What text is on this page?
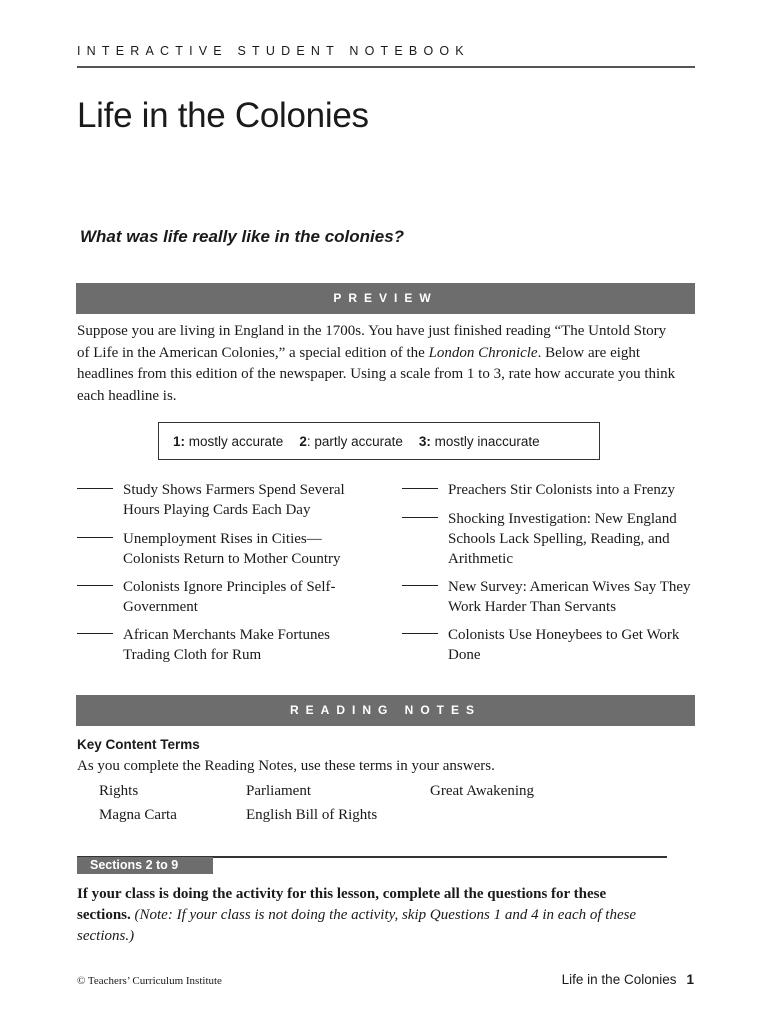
INTERACTIVE STUDENT NOTEBOOK
Life in the Colonies
What was life really like in the colonies?
PREVIEW
Suppose you are living in England in the 1700s. You have just finished reading “The Untold Story of Life in the American Colonies,” a special edition of the London Chronicle. Below are eight headlines from this edition of the newspaper. Using a scale from 1 to 3, rate how accurate you think each headline is.
1: mostly accurate 2: partly accurate 3: mostly inaccurate
Study Shows Farmers Spend Several Hours Playing Cards Each Day
Unemployment Rises in Cities— Colonists Return to Mother Country
Colonists Ignore Principles of Self-Government
African Merchants Make Fortunes Trading Cloth for Rum
Preachers Stir Colonists into a Frenzy
Shocking Investigation: New England Schools Lack Spelling, Reading, and Arithmetic
New Survey: American Wives Say They Work Harder Than Servants
Colonists Use Honeybees to Get Work Done
READING NOTES
Key Content Terms
As you complete the Reading Notes, use these terms in your answers.
Rights	Parliament	Great Awakening
Magna Carta	English Bill of Rights
Sections 2 to 9
If your class is doing the activity for this lesson, complete all the questions for these sections. (Note: If your class is not doing the activity, skip Questions 1 and 4 in each of these sections.)
© Teachers’ Curriculum Institute	Life in the Colonies 1
